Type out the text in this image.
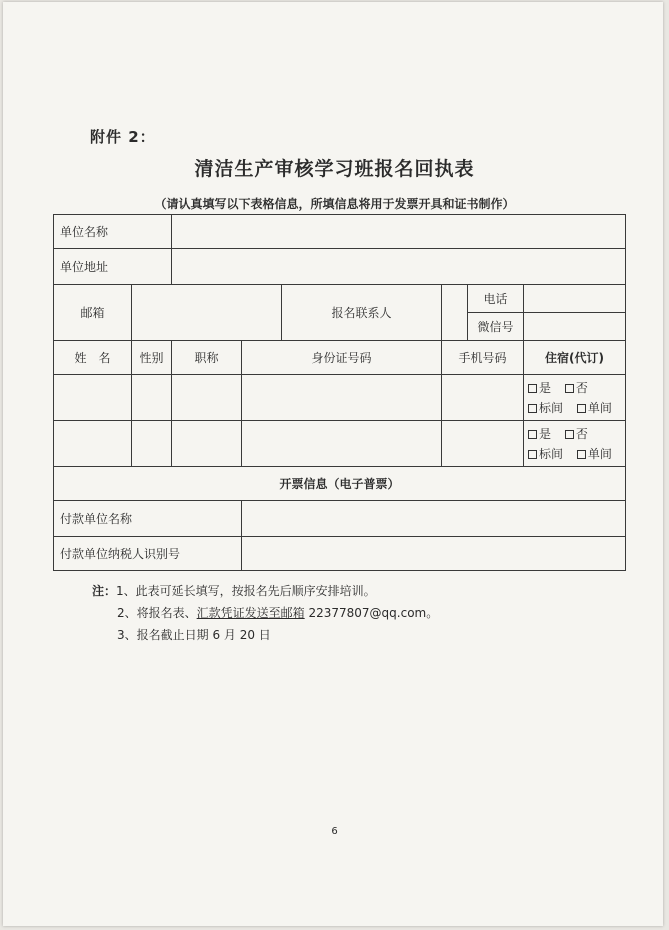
附件 2：
清洁生产审核学习班报名回执表
（请认真填写以下表格信息，所填信息将用于发票开具和证书制作）
单位名称							
单位地址							
邮箱				报名联系人		电话	
						微信号	
姓　名	性别	职称	身份证号码		手机号码		住宿(代订)

							是 否
标间 单间

							是 否
标间 单间

开票信息（电子普票）							
付款单位名称							
付款单位纳税人识别号							
注：1、此表可延长填写，按报名先后顺序安排培训。
2、将报名表、汇款凭证发送至邮箱 22377807@qq.com。
3、报名截止日期 6 月 20 日
6
